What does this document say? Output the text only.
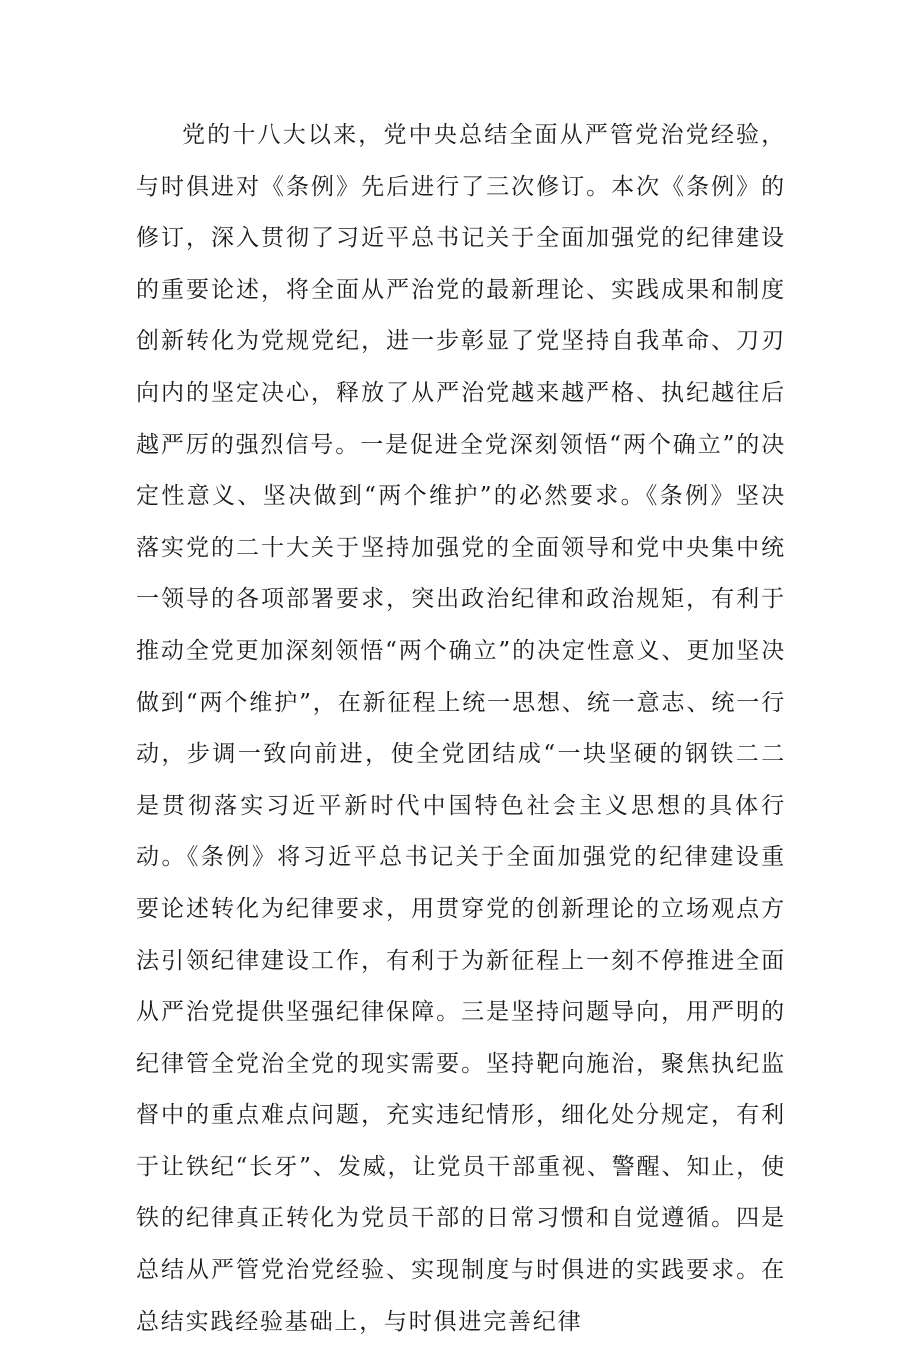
党的十八大以来，党中央总结全面从严管党治党经验，与时俱进对《条例》先后进行了三次修订。本次《条例》的修订，深入贯彻了习近平总书记关于全面加强党的纪律建设的重要论述，将全面从严治党的最新理论、实践成果和制度创新转化为党规党纪，进一步彰显了党坚持自我革命、刀刃向内的坚定决心，释放了从严治党越来越严格、执纪越往后越严厉的强烈信号。一是促进全党深刻领悟“两个确立”的决定性意义、坚决做到“两个维护”的必然要求。《条例》坚决落实党的二十大关于坚持加强党的全面领导和党中央集中统一领导的各项部署要求，突出政治纪律和政治规矩，有利于推动全党更加深刻领悟“两个确立”的决定性意义、更加坚决做到“两个维护”，在新征程上统一思想、统一意志、统一行动，步调一致向前进，使全党团结成“一块坚硬的钢铁二二是贯彻落实习近平新时代中国特色社会主义思想的具体行动。《条例》将习近平总书记关于全面加强党的纪律建设重要论述转化为纪律要求，用贯穿党的创新理论的立场观点方法引领纪律建设工作，有利于为新征程上一刻不停推进全面从严治党提供坚强纪律保障。三是坚持问题导向，用严明的纪律管全党治全党的现实需要。坚持靶向施治，聚焦执纪监督中的重点难点问题，充实违纪情形，细化处分规定，有利于让铁纪“长牙”、发威，让党员干部重视、警醒、知止，使铁的纪律真正转化为党员干部的日常习惯和自觉遵循。四是总结从严管党治党经验、实现制度与时俱进的实践要求。在总结实践经验基础上，与时俱进完善纪律
